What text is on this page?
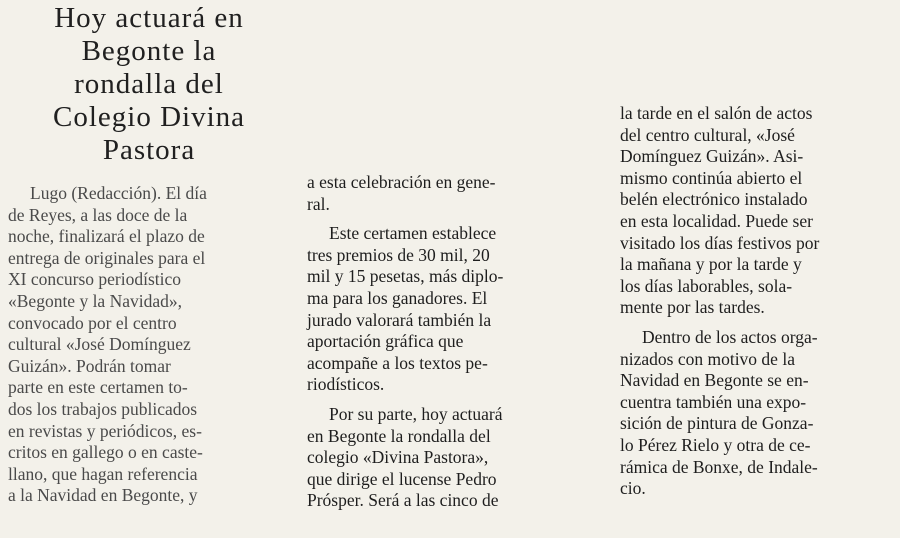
Hoy actuará en
Begonte la
rondalla del
Colegio Divina
Pastora
Lugo (Redacción). El día
de Reyes, a las doce de la
noche, finalizará el plazo de
entrega de originales para el
XI concurso periodístico
«Begonte y la Navidad»,
convocado por el centro
cultural «José Domínguez
Guizán». Podrán tomar
parte en este certamen to-
dos los trabajos publicados
en revistas y periódicos, es-
critos en gallego o en caste-
llano, que hagan referencia
a la Navidad en Begonte, y
a esta celebración en gene-
ral.
Este certamen establece
tres premios de 30 mil, 20
mil y 15 pesetas, más diplo-
ma para los ganadores. El
jurado valorará también la
aportación gráfica que
acompañe a los textos pe-
riodísticos.
Por su parte, hoy actuará
en Begonte la rondalla del
colegio «Divina Pastora»,
que dirige el lucense Pedro
Prósper. Será a las cinco de
la tarde en el salón de actos
del centro cultural, «José
Domínguez Guizán». Asi-
mismo continúa abierto el
belén electrónico instalado
en esta localidad. Puede ser
visitado los días festivos por
la mañana y por la tarde y
los días laborables, sola-
mente por las tardes.
Dentro de los actos orga-
nizados con motivo de la
Navidad en Begonte se en-
cuentra también una expo-
sición de pintura de Gonza-
lo Pérez Rielo y otra de ce-
rámica de Bonxe, de Indale-
cio.
